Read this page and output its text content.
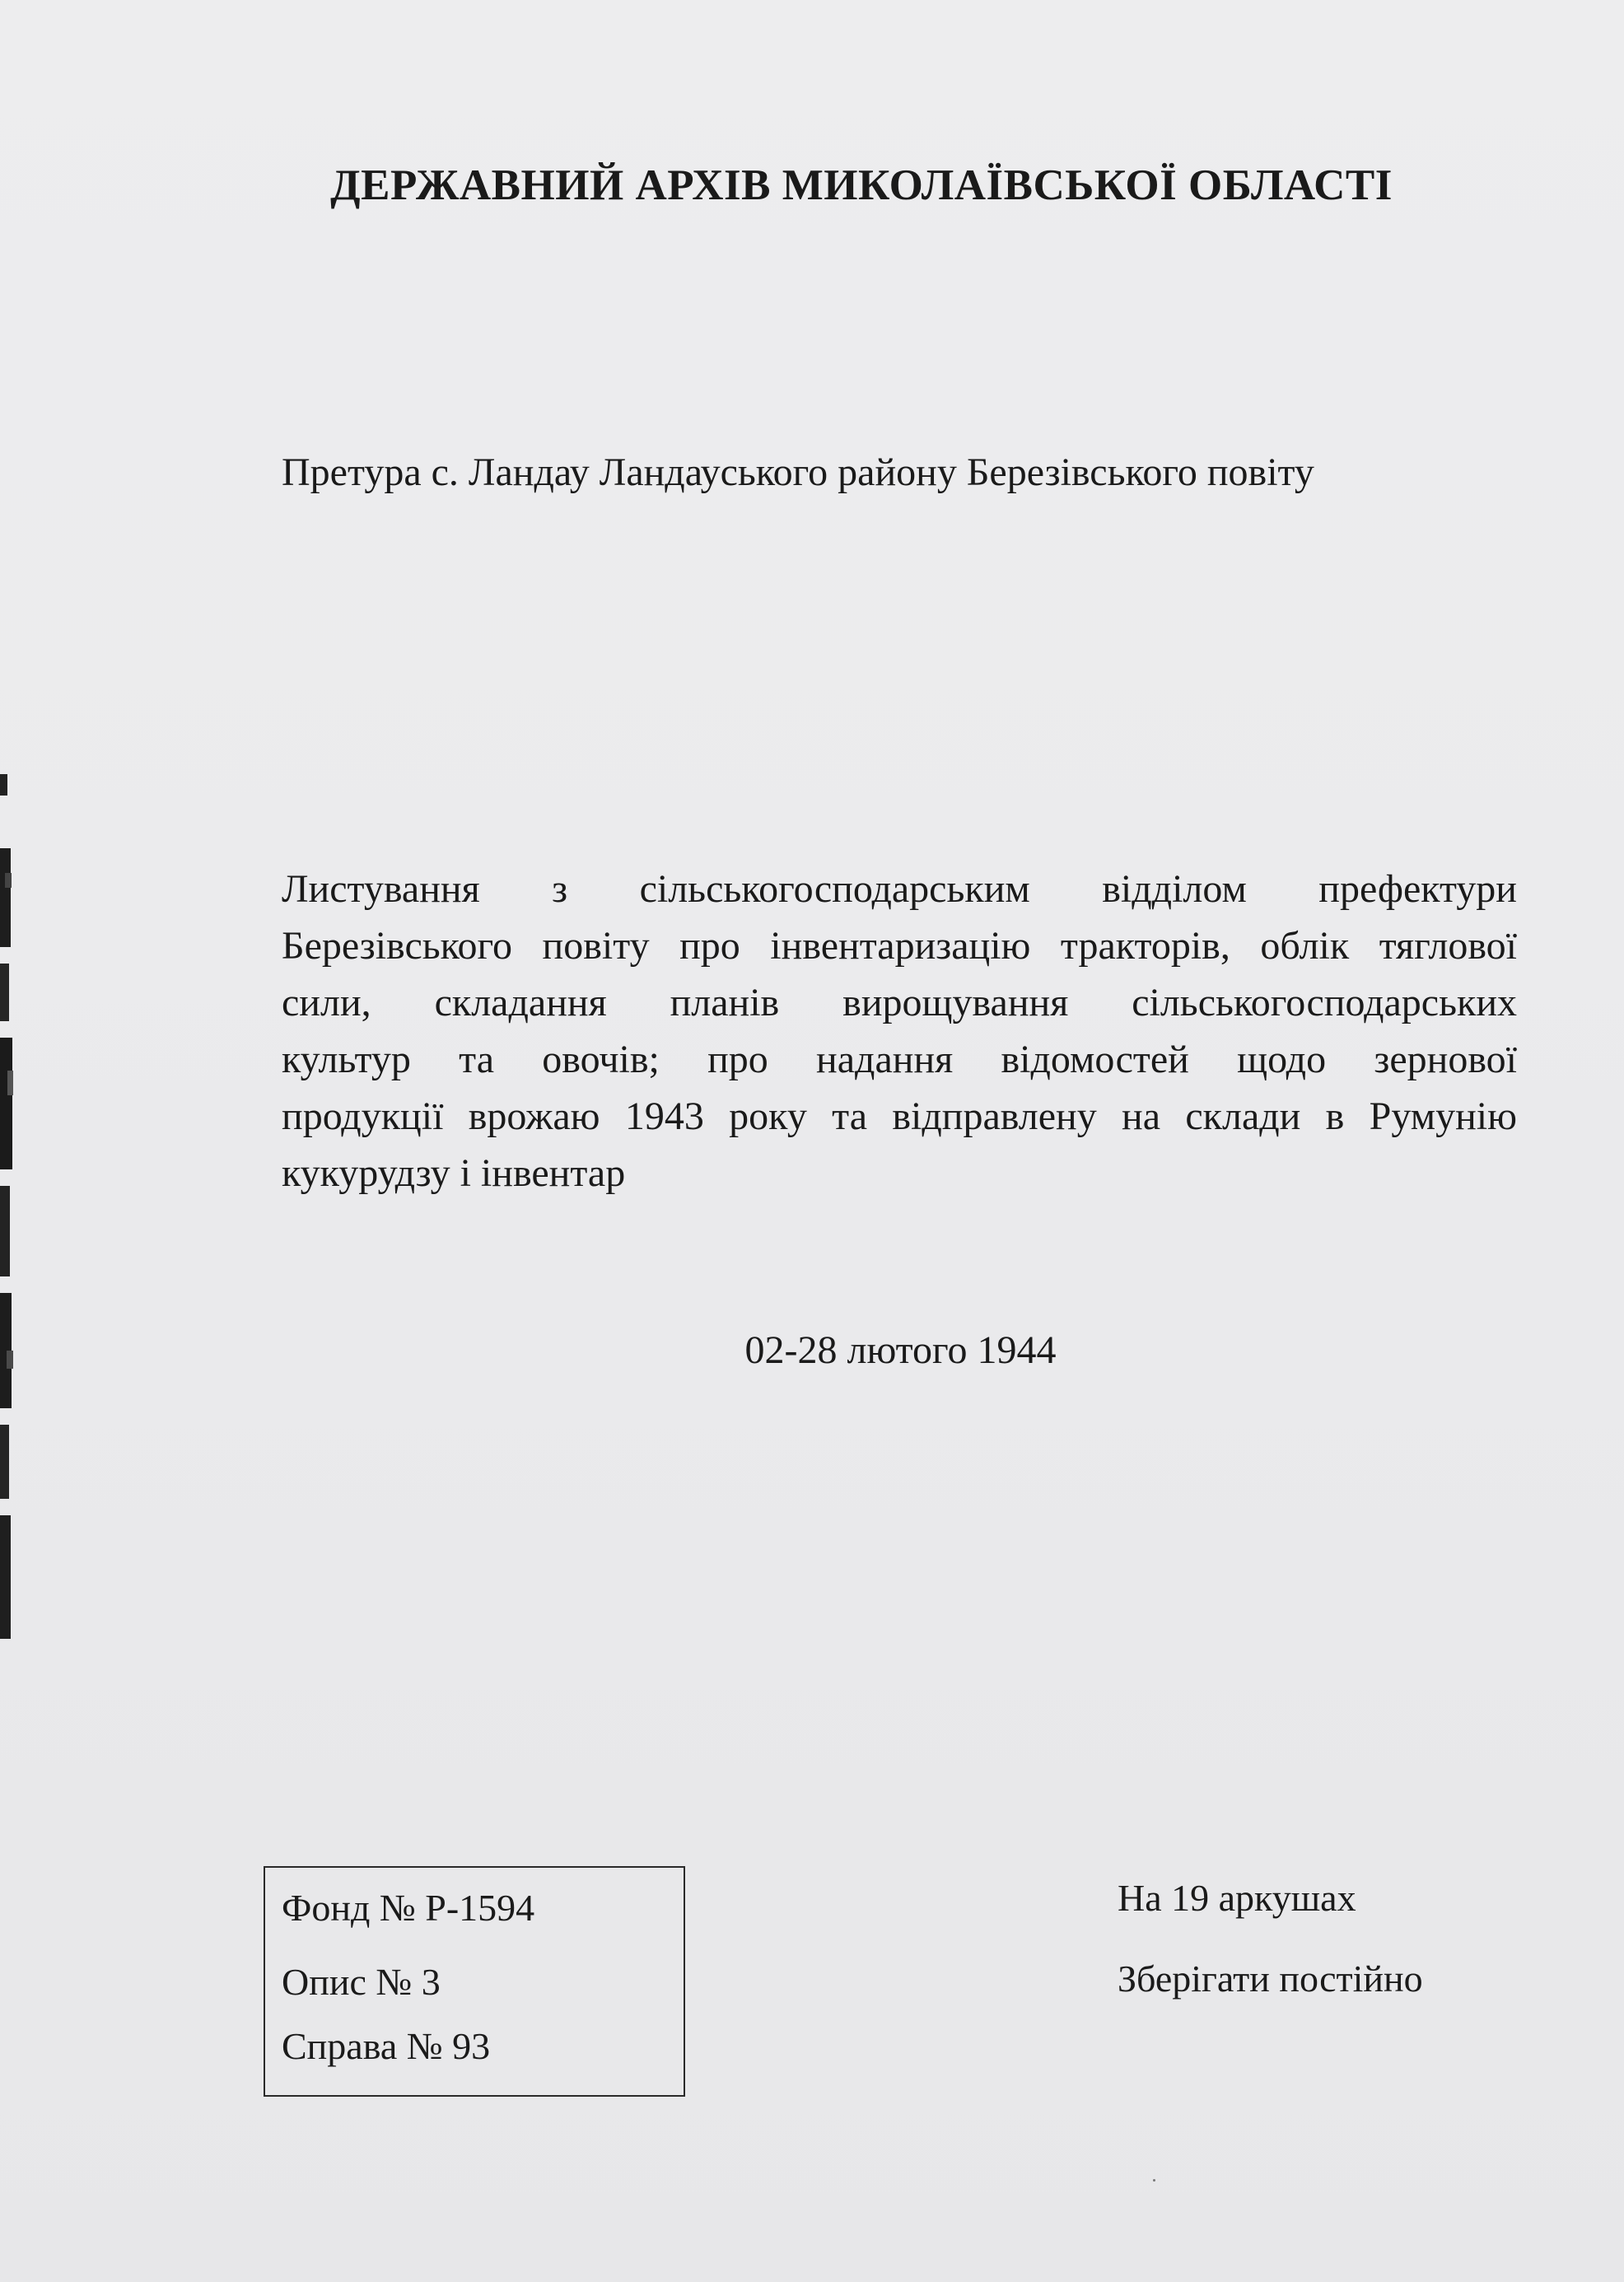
ДЕРЖАВНИЙ АРХІВ МИКОЛАЇВСЬКОЇ ОБЛАСТІ
Претура с. Ландау Ландауського району Березівського повіту
Листування з сільськогосподарським відділом префектури
Березівського повіту про інвентаризацію тракторів, облік тяглової
сили, складання планів вирощування сільськогосподарських
культур та овочів; про надання відомостей щодо зернової
продукції врожаю 1943 року та відправлену на склади в Румунію
кукурудзу і інвентар
02-28 лютого 1944
Фонд № Р-1594
Опис № 3
Справа № 93
На 19 аркушах
Зберігати постійно
